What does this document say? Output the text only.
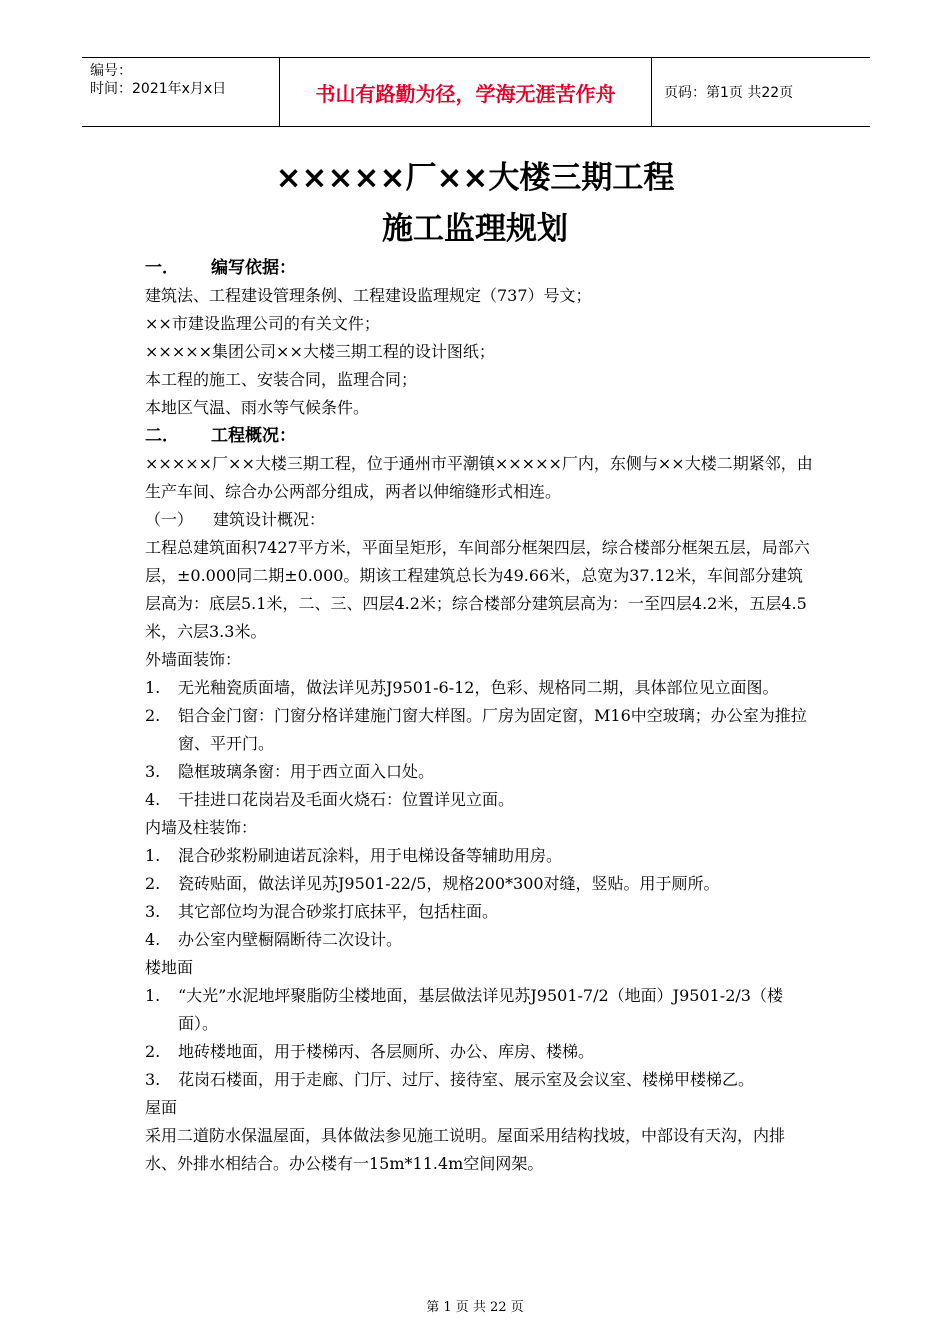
编号：
时间：2021年x月x日	书山有路勤为径，学海无涯苦作舟	页码：第1页 共22页
×××××厂××大楼三期工程
施工监理规划
一． 编写依据：
建筑法、工程建设管理条例、工程建设监理规定（737）号文；
××市建设监理公司的有关文件；
×××××集团公司××大楼三期工程的设计图纸；
本工程的施工、安装合同，监理合同；
本地区气温、雨水等气候条件。
二． 工程概况：
×××××厂××大楼三期工程，位于通州市平潮镇×××××厂内，东侧与××大楼二期紧邻，由生产车间、综合办公两部分组成，两者以伸缩缝形式相连。
（一） 建筑设计概况：
工程总建筑面积7427平方米，平面呈矩形，车间部分框架四层，综合楼部分框架五层，局部六层，±0.000同二期±0.000。期该工程建筑总长为49.66米，总宽为37.12米，车间部分建筑层高为：底层5.1米，二、三、四层4.2米；综合楼部分建筑层高为：一至四层4.2米，五层4.5米，六层3.3米。
外墙面装饰：
1.	无光釉瓷质面墙，做法详见苏J9501-6-12，色彩、规格同二期，具体部位见立面图。
2.	铝合金门窗：门窗分格详建施门窗大样图。厂房为固定窗，M16中空玻璃；办公室为推拉窗、平开门。
3.	隐框玻璃条窗：用于西立面入口处。
4.	干挂进口花岗岩及毛面火烧石：位置详见立面。
内墙及柱装饰：
1.	混合砂浆粉刷迪诺瓦涂料，用于电梯设备等辅助用房。
2.	瓷砖贴面，做法详见苏J9501-22/5，规格200*300对缝，竖贴。用于厕所。
3.	其它部位均为混合砂浆打底抹平，包括柱面。
4.	办公室内壁橱隔断待二次设计。
楼地面
1.	“大光”水泥地坪聚脂防尘楼地面，基层做法详见苏J9501-7/2（地面）J9501-2/3（楼面）。
2.	地砖楼地面，用于楼梯丙、各层厕所、办公、库房、楼梯。
3.	花岗石楼面，用于走廊、门厅、过厅、接待室、展示室及会议室、楼梯甲楼梯乙。
屋面
采用二道防水保温屋面，具体做法参见施工说明。屋面采用结构找坡，中部设有天沟，内排水、外排水相结合。办公楼有一15m*11.4m空间网架。
第 1 页 共 22 页
